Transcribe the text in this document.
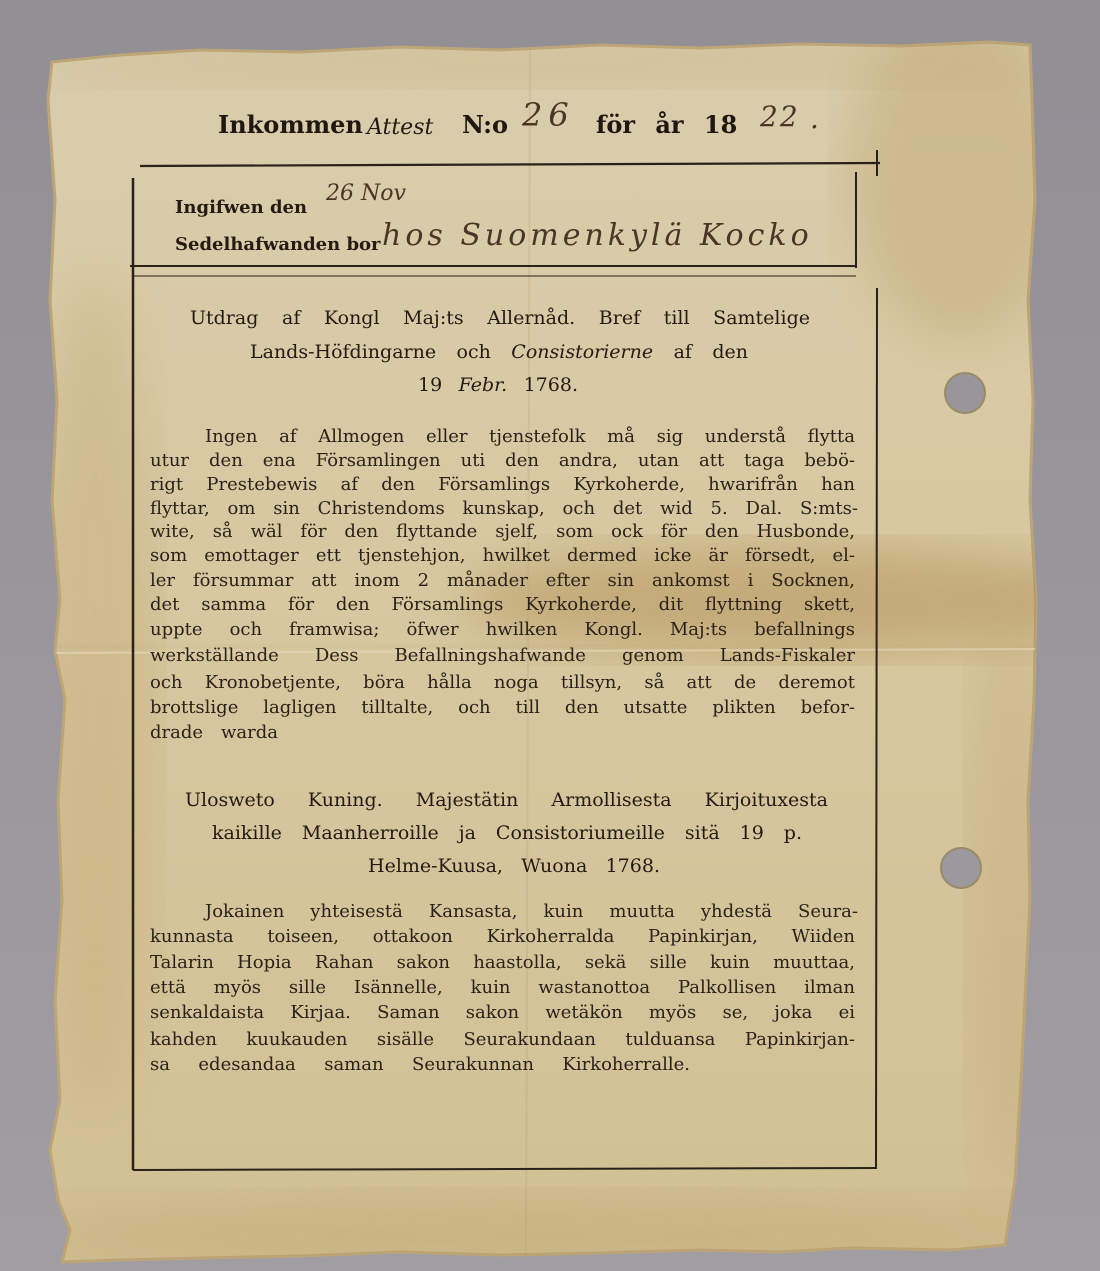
Inkommen Attest N:o 26 för år 18 22 .
Ingifwen den
26 Nov
Sedelhafwanden bor hos Suomenkylä Kocko
Utdrag af Kongl Maj:ts Allernåd. Bref till Samtelige
Lands-Höfdingarne och Consistorierne af den
19 Febr. 1768.
Ingen af Allmogen eller tjenstefolk må sig understå flytta
utur den ena Församlingen uti den andra, utan att taga bebö-
rigt Prestebewis af den Församlings Kyrkoherde, hwarifrån han
flyttar, om sin Christendoms kunskap, och det wid 5. Dal. S:mts-
wite, så wäl för den flyttande sjelf, som ock för den Husbonde,
som emottager ett tjenstehjon, hwilket dermed icke är försedt, el-
ler försummar att inom 2 månader efter sin ankomst i Socknen,
det samma för den Församlings Kyrkoherde, dit flyttning skett,
uppte och framwisa; öfwer hwilken Kongl. Maj:ts befallnings
werkställande Dess Befallningshafwande genom Lands-Fiskaler
och Kronobetjente, böra hålla noga tillsyn, så att de deremot
brottslige lagligen tilltalte, och till den utsatte plikten befor-
drade warda
Ulosweto Kuning. Majestätin Armollisesta Kirjoituxesta
kaikille Maanherroille ja Consistoriumeille sitä 19 p.
Helme-Kuusa, Wuona 1768.
Jokainen yhteisestä Kansasta, kuin muutta yhdestä Seura-
kunnasta toiseen, ottakoon Kirkoherralda Papinkirjan, Wiiden
Talarin Hopia Rahan sakon haastolla, sekä sille kuin muuttaa,
että myös sille Isännelle, kuin wastanottoa Palkollisen ilman
senkaldaista Kirjaa. Saman sakon wetäkön myös se, joka ei
kahden kuukauden sisälle Seurakundaan tulduansa Papinkirjan-
sa edesandaa saman Seurakunnan Kirkoherralle.
